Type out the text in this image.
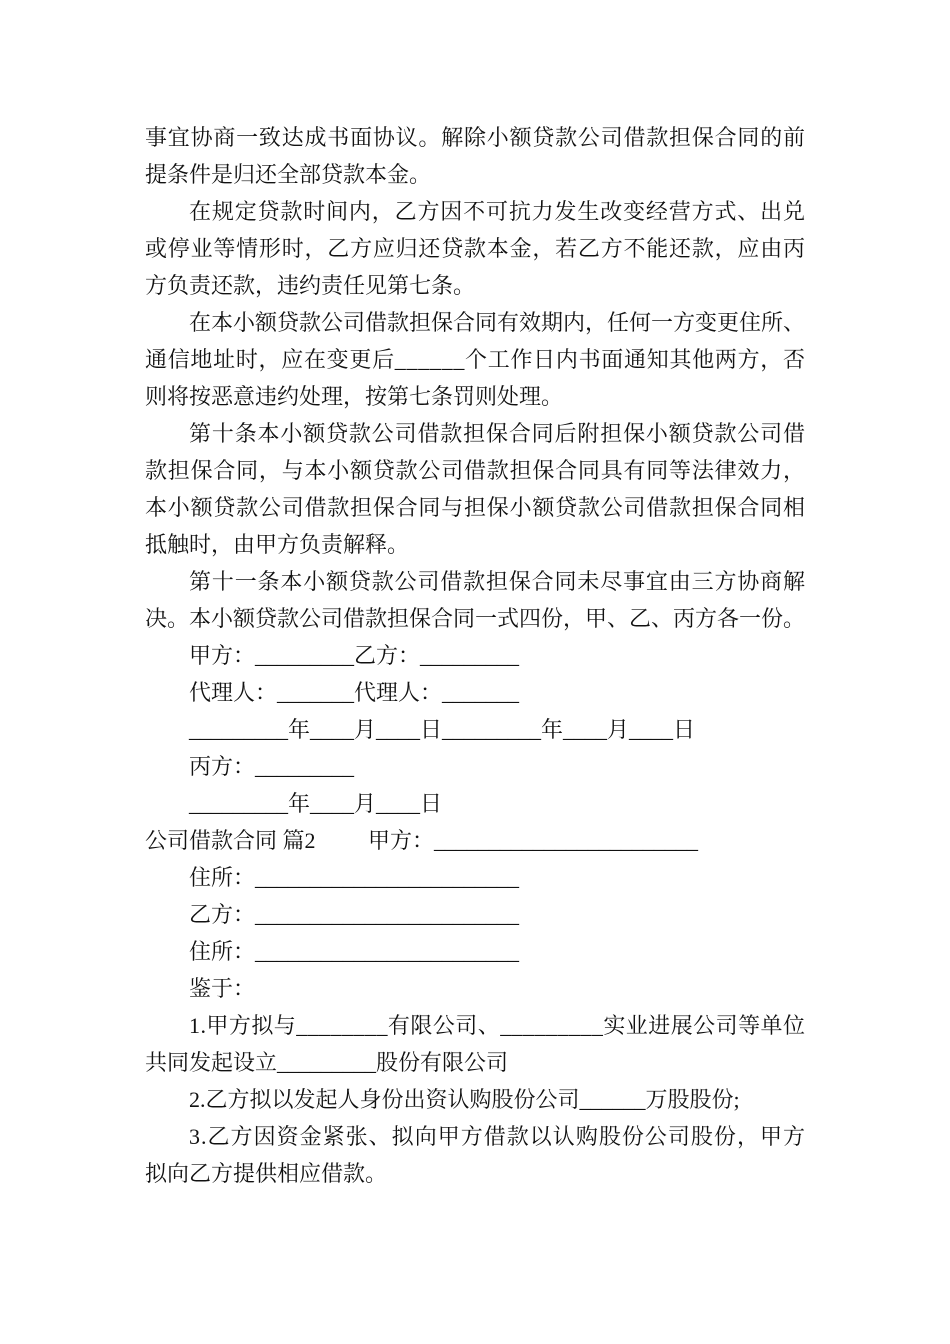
事宜协商一致达成书面协议。解除小额贷款公司借款担保合同的前
提条件是归还全部贷款本金。
在规定贷款时间内，乙方因不可抗力发生改变经营方式、出兑
或停业等情形时，乙方应归还贷款本金，若乙方不能还款，应由丙
方负责还款，违约责任见第七条。
在本小额贷款公司借款担保合同有效期内，任何一方变更住所、
通信地址时，应在变更后______个工作日内书面通知其他两方，否
则将按恶意违约处理，按第七条罚则处理。
第十条本小额贷款公司借款担保合同后附担保小额贷款公司借
款担保合同，与本小额贷款公司借款担保合同具有同等法律效力，
本小额贷款公司借款担保合同与担保小额贷款公司借款担保合同相
抵触时，由甲方负责解释。
第十一条本小额贷款公司借款担保合同未尽事宜由三方协商解
决。本小额贷款公司借款担保合同一式四份，甲、乙、丙方各一份。
甲方：_________乙方：_________
代理人：_______代理人：_______
_________年____月____日_________年____月____日
丙方：_________
_________年____月____日
公司借款合同 篇2 甲方：________________________
住所：________________________
乙方：________________________
住所：________________________
鉴于：
1.甲方拟与________有限公司、_________实业进展公司等单位
共同发起设立_________股份有限公司
2.乙方拟以发起人身份出资认购股份公司______万股股份;
3.乙方因资金紧张、拟向甲方借款以认购股份公司股份，甲方
拟向乙方提供相应借款。
